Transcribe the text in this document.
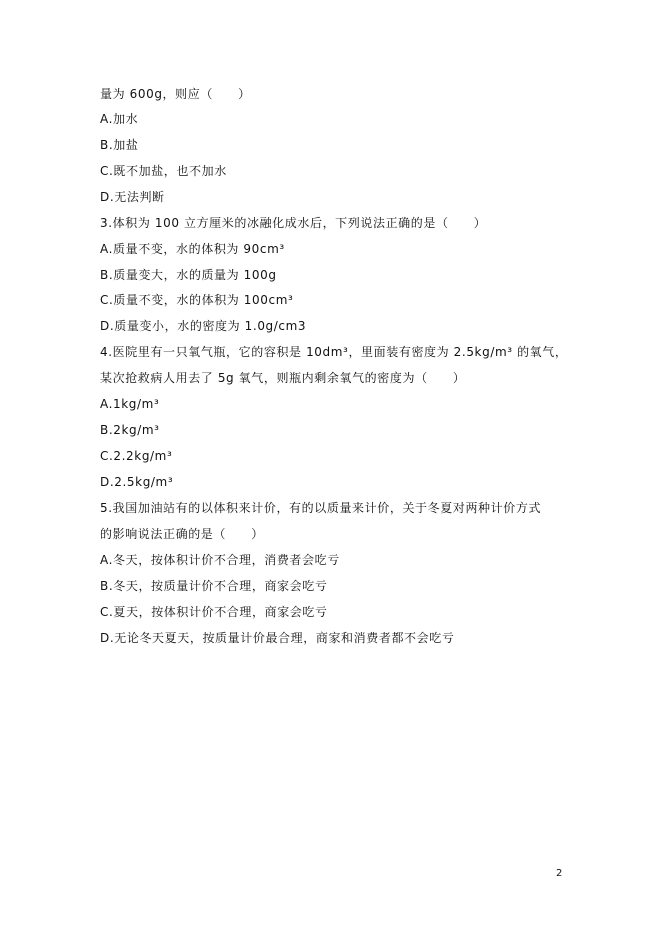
量为 600g，则应（　　）
A.加水
B.加盐
C.既不加盐，也不加水
D.无法判断
3.体积为 100 立方厘米的冰融化成水后，下列说法正确的是（　　）
A.质量不变，水的体积为 90cm³
B.质量变大，水的质量为 100g
C.质量不变，水的体积为 100cm³
D.质量变小，水的密度为 1.0g/cm3
4.医院里有一只氧气瓶，它的容积是 10dm³，里面装有密度为 2.5kg/m³ 的氧气，
某次抢救病人用去了 5g 氧气，则瓶内剩余氧气的密度为（　　）
A.1kg/m³
B.2kg/m³
C.2.2kg/m³
D.2.5kg/m³
5.我国加油站有的以体积来计价，有的以质量来计价，关于冬夏对两种计价方式
的影响说法正确的是（　　）
A.冬天，按体积计价不合理，消费者会吃亏
B.冬天，按质量计价不合理，商家会吃亏
C.夏天，按体积计价不合理，商家会吃亏
D.无论冬天夏天，按质量计价最合理，商家和消费者都不会吃亏
2
